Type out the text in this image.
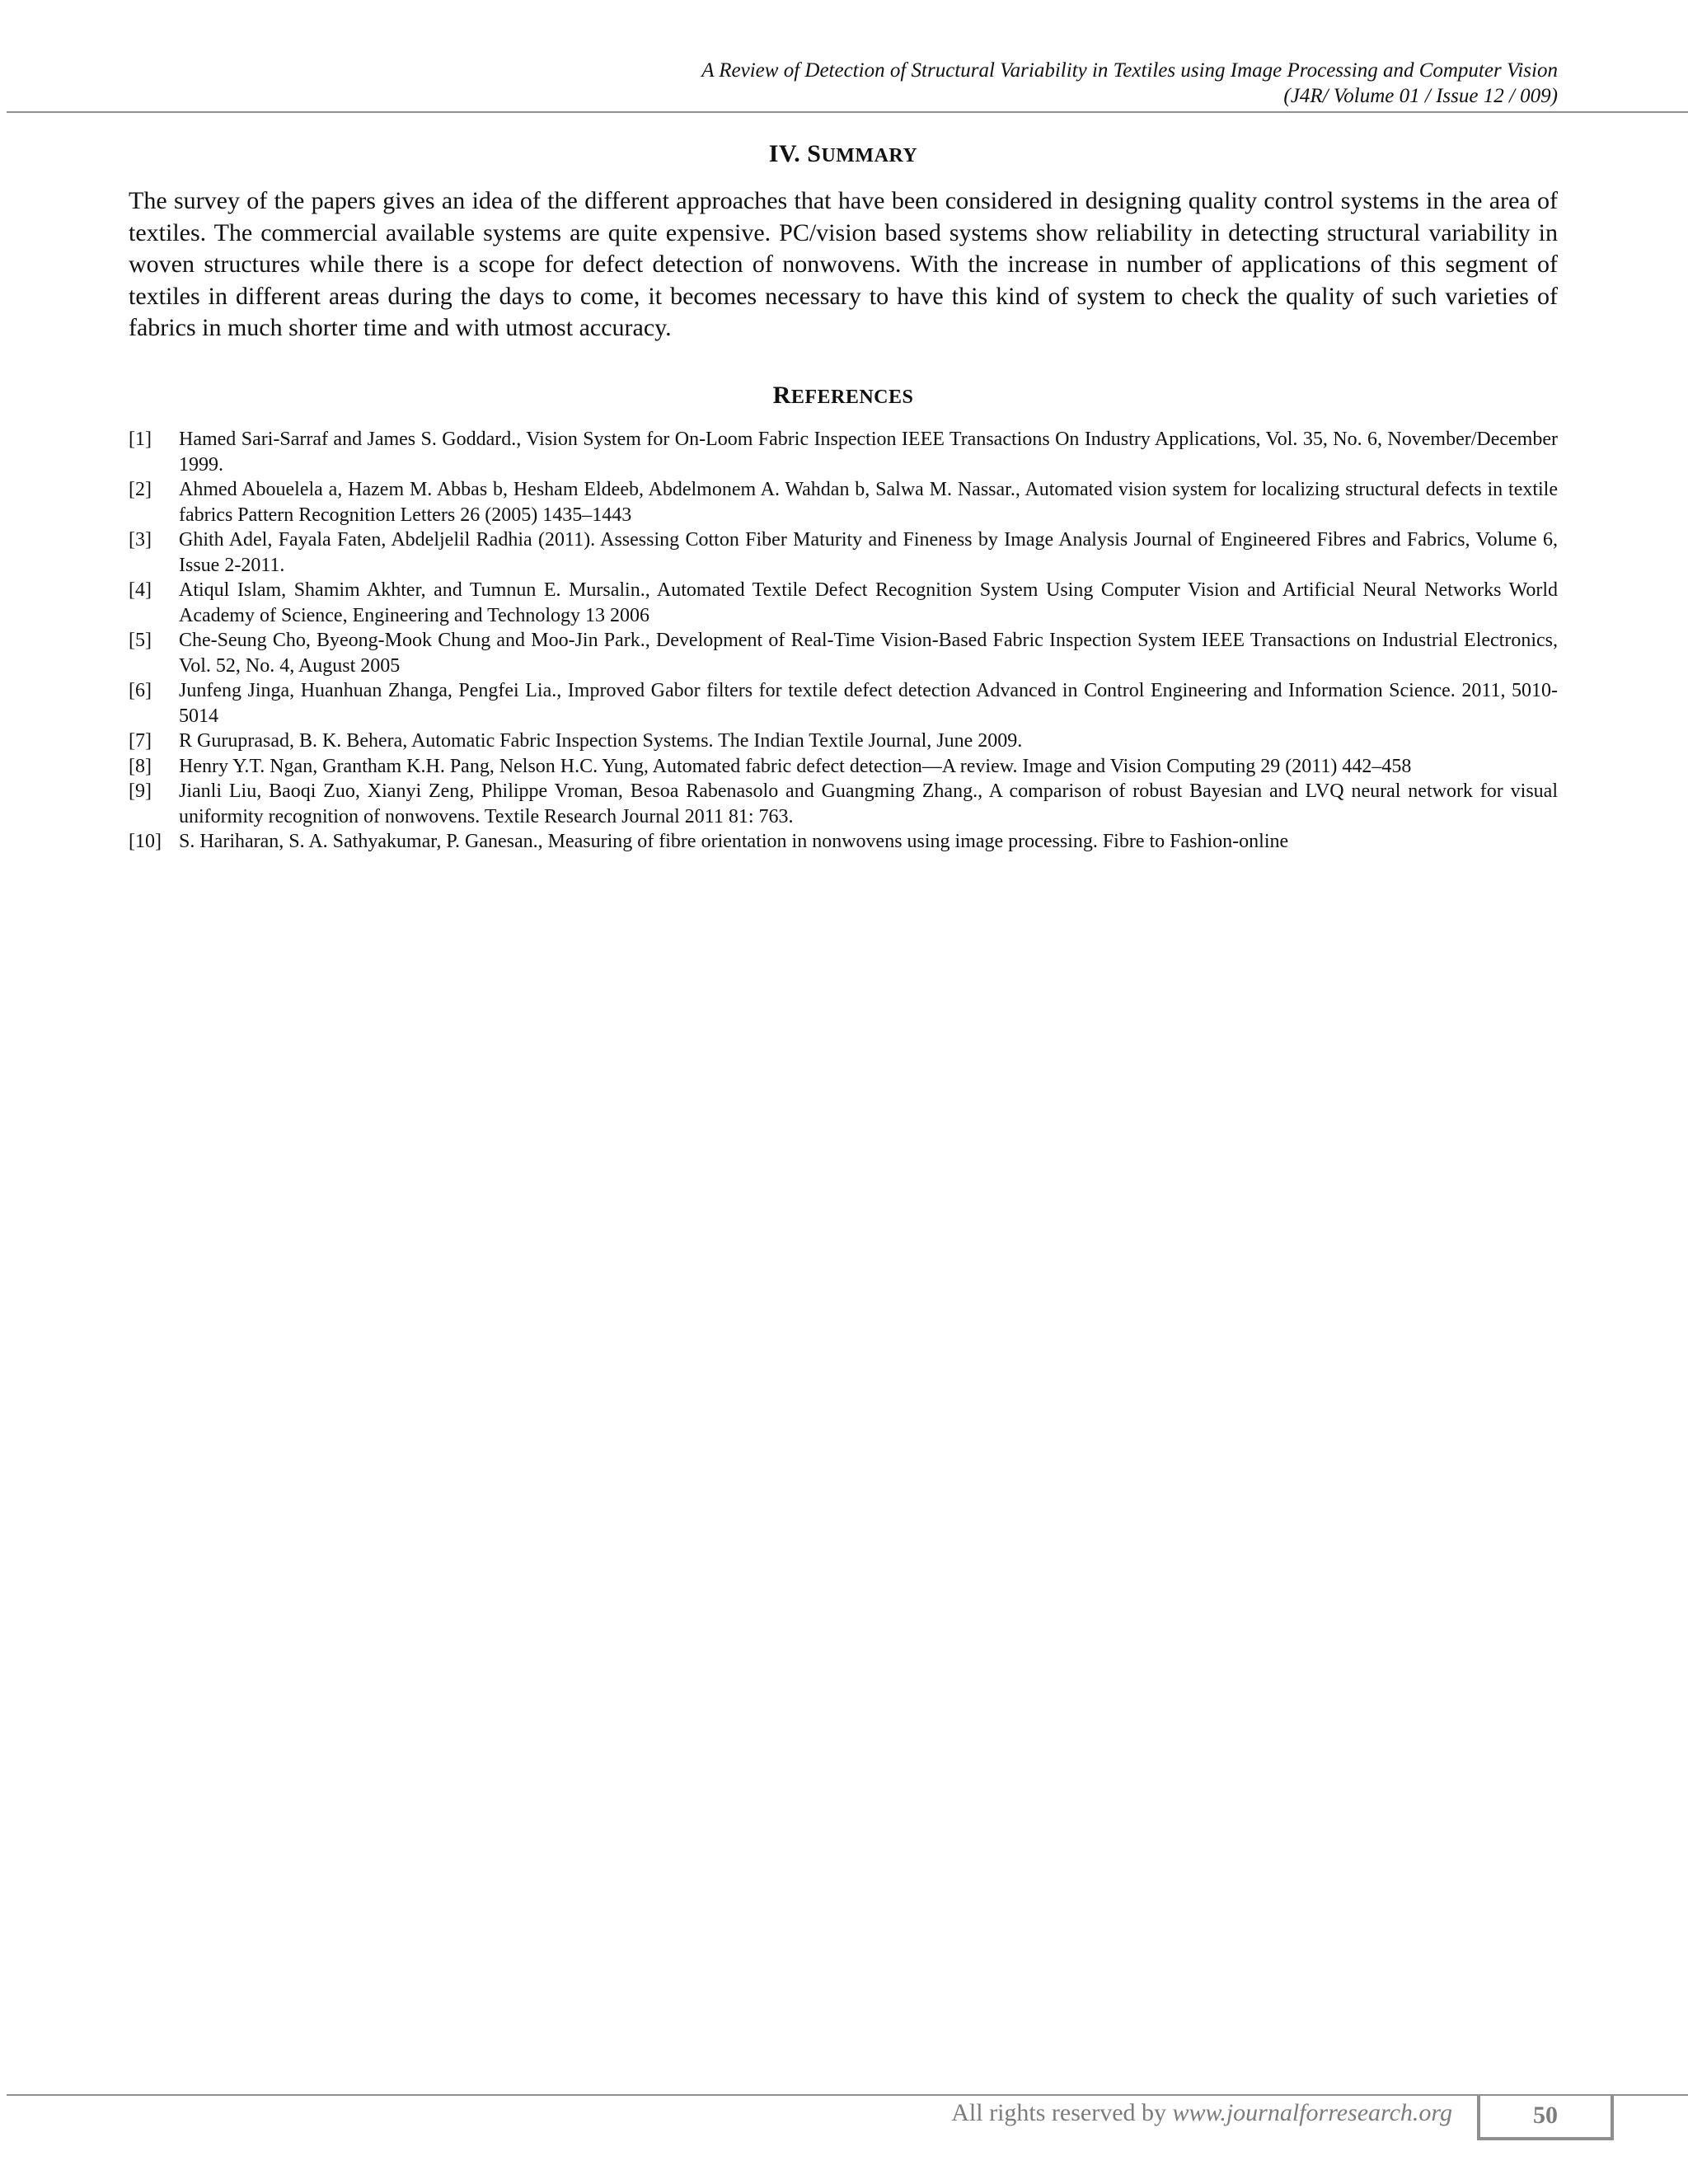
A Review of Detection of Structural Variability in Textiles using Image Processing and Computer Vision
(J4R/ Volume 01 / Issue 12 / 009)
IV. SUMMARY
The survey of the papers gives an idea of the different approaches that have been considered in designing quality control systems in the area of textiles. The commercial available systems are quite expensive. PC/vision based systems show reliability in detecting structural variability in woven structures while there is a scope for defect detection of nonwovens. With the increase in number of applications of this segment of textiles in different areas during the days to come, it becomes necessary to have this kind of system to check the quality of such varieties of fabrics in much shorter time and with utmost accuracy.
REFERENCES
[1] Hamed Sari-Sarraf and James S. Goddard., Vision System for On-Loom Fabric Inspection IEEE Transactions On Industry Applications, Vol. 35, No. 6, November/December 1999.
[2] Ahmed Abouelela a, Hazem M. Abbas b, Hesham Eldeeb, Abdelmonem A. Wahdan b, Salwa M. Nassar., Automated vision system for localizing structural defects in textile fabrics Pattern Recognition Letters 26 (2005) 1435–1443
[3] Ghith Adel, Fayala Faten, Abdeljelil Radhia (2011). Assessing Cotton Fiber Maturity and Fineness by Image Analysis Journal of Engineered Fibres and Fabrics, Volume 6, Issue 2-2011.
[4] Atiqul Islam, Shamim Akhter, and Tumnun E. Mursalin., Automated Textile Defect Recognition System Using Computer Vision and Artificial Neural Networks World Academy of Science, Engineering and Technology 13 2006
[5] Che-Seung Cho, Byeong-Mook Chung and Moo-Jin Park., Development of Real-Time Vision-Based Fabric Inspection System IEEE Transactions on Industrial Electronics, Vol. 52, No. 4, August 2005
[6] Junfeng Jinga, Huanhuan Zhanga, Pengfei Lia., Improved Gabor filters for textile defect detection Advanced in Control Engineering and Information Science. 2011, 5010-5014
[7] R Guruprasad, B. K. Behera, Automatic Fabric Inspection Systems. The Indian Textile Journal, June 2009.
[8] Henry Y.T. Ngan, Grantham K.H. Pang, Nelson H.C. Yung, Automated fabric defect detection—A review. Image and Vision Computing 29 (2011) 442–458
[9] Jianli Liu, Baoqi Zuo, Xianyi Zeng, Philippe Vroman, Besoa Rabenasolo and Guangming Zhang., A comparison of robust Bayesian and LVQ neural network for visual uniformity recognition of nonwovens. Textile Research Journal 2011 81: 763.
[10] S. Hariharan, S. A. Sathyakumar, P. Ganesan., Measuring of fibre orientation in nonwovens using image processing. Fibre to Fashion-online
All rights reserved by www.journalforresearch.org	50
